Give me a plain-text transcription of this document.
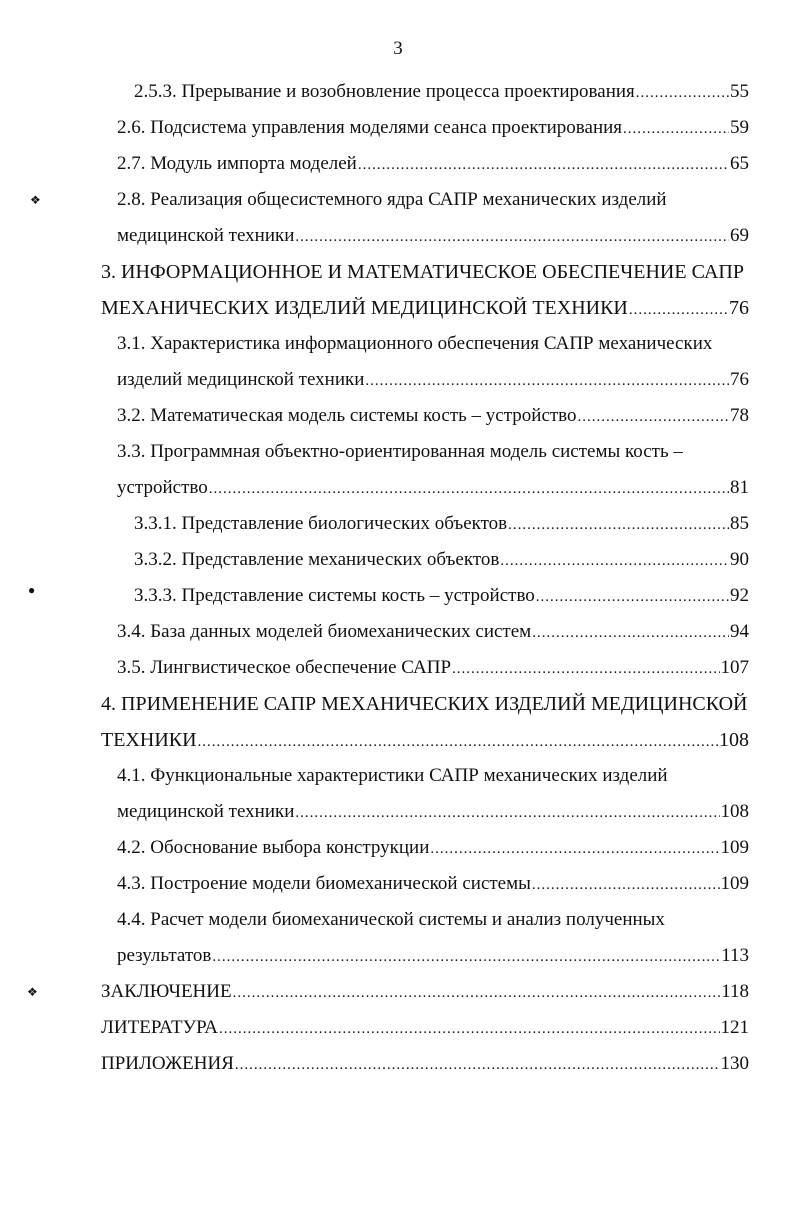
3
❖
●
❖
2.5.3. Прерывание и возобновление процесса проектирования .....	55
2.6. Подсистема управления моделями сеанса проектирования .....	59
2.7. Модуль импорта моделей .....	65
2.8. Реализация общесистемного ядра САПР механических изделий
медицинской техники .....	69
3. ИНФОРМАЦИОННОЕ И МАТЕМАТИЧЕСКОЕ ОБЕСПЕЧЕНИЕ САПР
МЕХАНИЧЕСКИХ ИЗДЕЛИЙ МЕДИЦИНСКОЙ ТЕХНИКИ .....	76
3.1. Характеристика информационного обеспечения САПР механических
изделий медицинской техники .....	76
3.2. Математическая модель системы кость – устройство .....	78
3.3. Программная объектно-ориентированная модель системы кость –
устройство .....	81
3.3.1. Представление биологических объектов .....	85
3.3.2. Представление механических объектов .....	90
3.3.3. Представление системы кость – устройство .....	92
3.4. База данных моделей биомеханических систем .....	94
3.5. Лингвистическое обеспечение САПР .....	107
4. ПРИМЕНЕНИЕ САПР МЕХАНИЧЕСКИХ ИЗДЕЛИЙ МЕДИЦИНСКОЙ
ТЕХНИКИ .....	108
4.1. Функциональные характеристики САПР механических изделий
медицинской техники .....	108
4.2. Обоснование выбора конструкции .....	109
4.3. Построение модели биомеханической системы .....	109
4.4. Расчет модели биомеханической системы и анализ полученных
результатов .....	113
ЗАКЛЮЧЕНИЕ .....	118
ЛИТЕРАТУРА .....	121
ПРИЛОЖЕНИЯ .....	130
